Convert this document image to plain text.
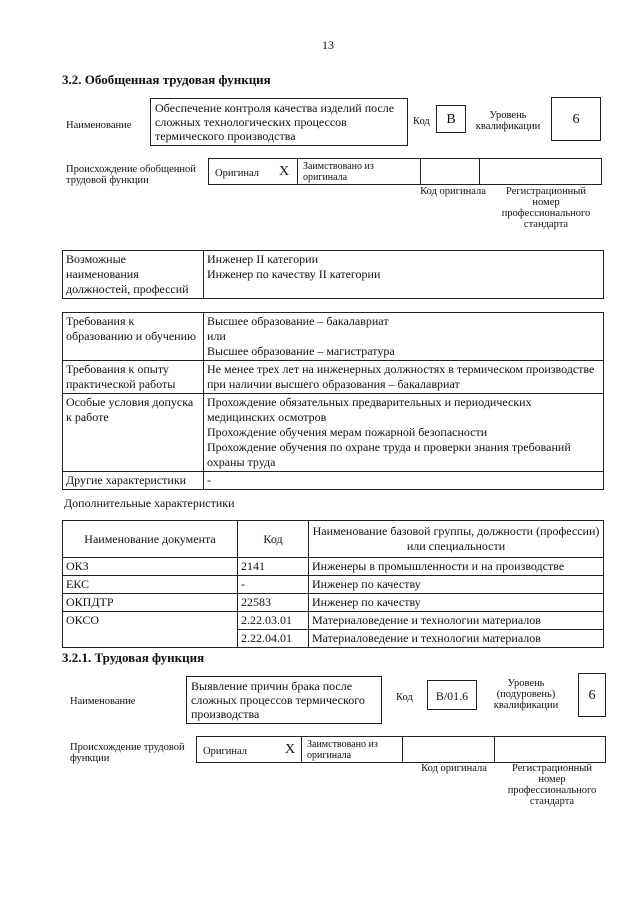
13
3.2. Обобщенная трудовая функция
Наименование
Обеспечение контроля качества изделий после сложных технологических процессов термического производства
Код	В	Уровень квалификации	6
Происхождение обобщенной трудовой функции
Оригинал X Заимствовано из оригинала
Код оригинала	Регистрационный номер профессионального стандарта
Возможные наименования должностей, профессий	Инженер II категории
Инженер по качеству II категории
Требования к образованию и обучению	Высшее образование – бакалавриат
или
Высшее образование – магистратура
Требования к опыту практической работы	Не менее трех лет на инженерных должностях в термическом производстве при наличии высшего образования – бакалавриат
Особые условия допуска к работе	Прохождение обязательных предварительных и периодических медицинских осмотров
Прохождение обучения мерам пожарной безопасности
Прохождение обучения по охране труда и проверки знания требований охраны труда
Другие характеристики	-
Дополнительные характеристики
Наименование документа	Код	Наименование базовой группы, должности (профессии) или специальности
ОКЗ	2141	Инженеры в промышленности и на производстве
ЕКС	-	Инженер по качеству
ОКПДТР	22583	Инженер по качеству
ОКСО	2.22.03.01	Материаловедение и технологии материалов
	2.22.04.01	Материаловедение и технологии материалов
3.2.1. Трудовая функция
Наименование
Выявление причин брака после сложных процессов термического производства
Код	B/01.6
Уровень (подуровень) квалификации
6
Происхождение трудовой функции
Оригинал	X Заимствовано из оригинала
Код оригинала	Регистрационный номер профессионального стандарта
